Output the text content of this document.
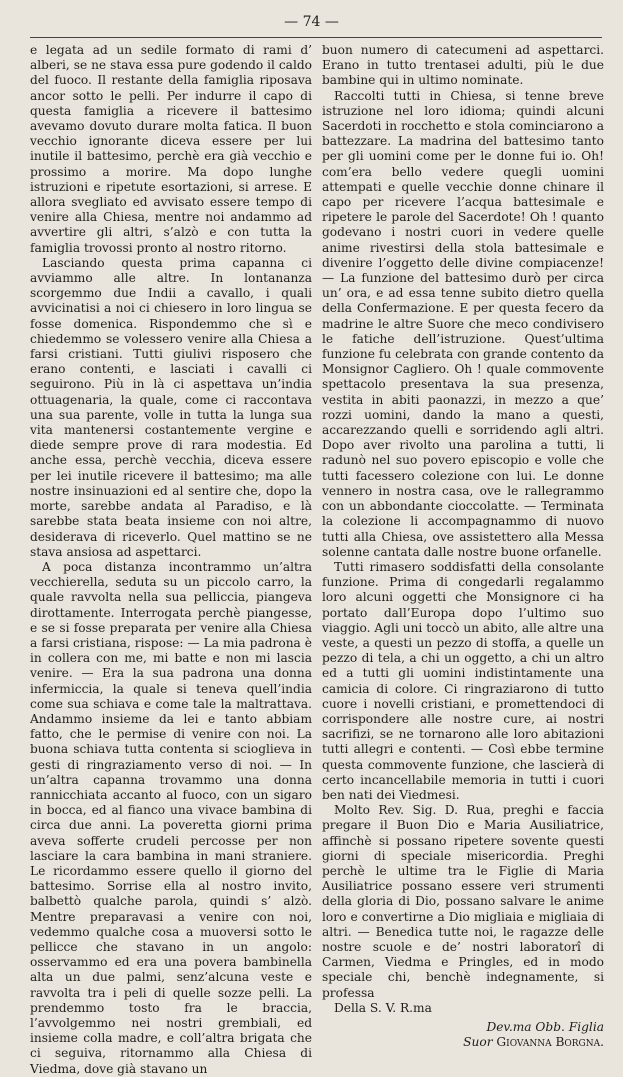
— 74 —

e legata ad un sedile formato di rami d’ alberi, se ne stava essa pure godendo il caldo del fuoco. Il restante della famiglia riposava ancor sotto le pelli. Per indurre il capo di questa famiglia a ricevere il battesimo avevamo dovuto durare molta fatica. Il buon vecchio ignorante diceva essere per lui inutile il battesimo, perchè era già vecchio e prossimo a morire. Ma dopo lunghe istruzioni e ripetute esortazioni, si arrese. E allora svegliato ed avvisato essere tempo di venire alla Chiesa, mentre noi andammo ad avvertire gli altri, s’alzò e con tutta la famiglia trovossi pronto al nostro ritorno.

Lasciando questa prima capanna ci avviammo alle altre. In lontananza scorgemmo due Indii a cavallo, i quali avvicinatisi a noi ci chiesero in loro lingua se fosse domenica. Rispondemmo che sì e chiedemmo se volessero venire alla Chiesa a farsi cristiani. Tutti giulivi risposero che erano contenti, e lasciati i cavalli ci seguirono. Più in là ci aspettava un’india ottuagenaria, la quale, come ci raccontava una sua parente, volle in tutta la lunga sua vita mantenersi costantemente vergine e diede sempre prove di rara modestia. Ed anche essa, perchè vecchia, diceva essere per lei inutile ricevere il battesimo; ma alle nostre insinuazioni ed al sentire che, dopo la morte, sarebbe andata al Paradiso, e là sarebbe stata beata insieme con noi altre, desiderava di riceverlo. Quel mattino se ne stava ansiosa ad aspettarci.

A poca distanza incontrammo un’altra vecchierella, seduta su un piccolo carro, la quale ravvolta nella sua pelliccia, piangeva dirottamente. Interrogata perchè piangesse, e se si fosse preparata per venire alla Chiesa a farsi cristiana, rispose: — La mia padrona è in collera con me, mi batte e non mi lascia venire. — Era la sua padrona una donna infermiccia, la quale si teneva quell’india come sua schiava e come tale la maltrattava. Andammo insieme da lei e tanto abbiam fatto, che le permise di venire con noi. La buona schiava tutta contenta si scioglieva in gesti di ringraziamento verso di noi. — In un’altra capanna trovammo una donna rannicchiata accanto al fuoco, con un sigaro in bocca, ed al fianco una vivace bambina di circa due anni. La poveretta giorni prima aveva sofferte crudeli percosse per non lasciare la cara bambina in mani straniere. Le ricordammo essere quello il giorno del battesimo. Sorrise ella al nostro invito, balbettò qualche parola, quindi s’ alzò. Mentre preparavasi a venire con noi, vedemmo qualche cosa a muoversi sotto le pellicce che stavano in un angolo: osservammo ed era una povera bambinella alta un due palmi, senz’alcuna veste e ravvolta tra i peli di quelle sozze pelli. La prendemmo tosto fra le braccia, l’avvolgemmo nei nostri grembiali, ed insieme colla madre, e coll’altra brigata che ci seguiva, ritornammo alla Chiesa di Viedma, dove già stavano un

buon numero di catecumeni ad aspettarci. Erano in tutto trentasei adulti, più le due bambine qui in ultimo nominate.

Raccolti tutti in Chiesa, si tenne breve istruzione nel loro idioma; quindi alcuni Sacerdoti in rocchetto e stola cominciarono a battezzare. La madrina del battesimo tanto per gli uomini come per le donne fui io. Oh! com’era bello vedere quegli uomini attempati e quelle vecchie donne chinare il capo per ricevere l’acqua battesimale e ripetere le parole del Sacerdote! Oh ! quanto godevano i nostri cuori in vedere quelle anime rivestirsi della stola battesimale e divenire l’oggetto delle divine compiacenze! — La funzione del battesimo durò per circa un’ ora, e ad essa tenne subito dietro quella della Confermazione. E per questa fecero da madrine le altre Suore che meco condivisero le fatiche dell’istruzione. Quest’ultima funzione fu celebrata con grande contento da Monsignor Cagliero. Oh ! quale commovente spettacolo presentava la sua presenza, vestita in abiti paonazzi, in mezzo a que’ rozzi uomini, dando la mano a questi, accarezzando quelli e sorridendo agli altri. Dopo aver rivolto una parolina a tutti, li radunò nel suo povero episcopio e volle che tutti facessero colezione con lui. Le donne vennero in nostra casa, ove le rallegrammo con un abbondante cioccolatte. — Terminata la colezione li accompagnammo di nuovo tutti alla Chiesa, ove assistettero alla Messa solenne cantata dalle nostre buone orfanelle.

Tutti rimasero soddisfatti della consolante funzione. Prima di congedarli regalammo loro alcuni oggetti che Monsignore ci ha portato dall’Europa dopo l’ultimo suo viaggio. Agli uni toccò un abito, alle altre una veste, a questi un pezzo di stoffa, a quelle un pezzo di tela, a chi un oggetto, a chi un altro ed a tutti gli uomini indistintamente una camicia di colore. Ci ringraziarono di tutto cuore i novelli cristiani, e promettendoci di corrispondere alle nostre cure, ai nostri sacrifizi, se ne tornarono alle loro abitazioni tutti allegri e contenti. — Così ebbe termine questa commovente funzione, che lascierà di certo incancellabile memoria in tutti i cuori ben nati dei Viedmesi.

Molto Rev. Sig. D. Rua, preghi e faccia pregare il Buon Dio e Maria Ausiliatrice, affinchè si possano ripetere sovente questi giorni di speciale misericordia. Preghi perchè le ultime tra le Figlie di Maria Ausiliatrice possano essere veri strumenti della gloria di Dio, possano salvare le anime loro e convertirne a Dio migliaia e migliaia di altri. — Benedica tutte noi, le ragazze delle nostre scuole e de’ nostri laboratorî di Carmen, Viedma e Pringles, ed in modo speciale chi, benchè indegnamente, si professa

Della S. V. R.ma

Dev.ma Obb. Figlia
Suor Giovanna Borgna.
